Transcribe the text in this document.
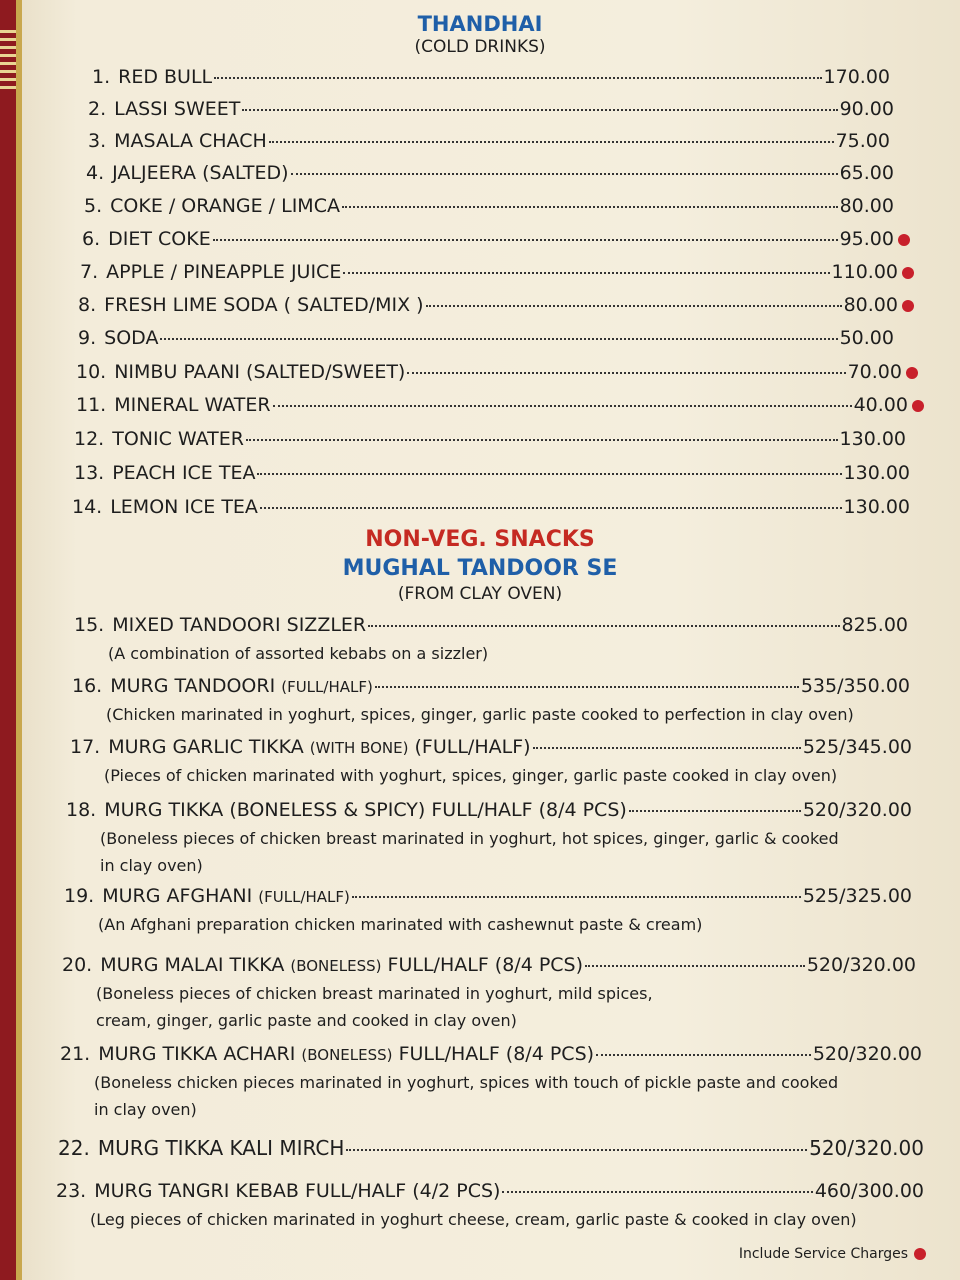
THANDHAI
(COLD DRINKS)
1. RED BULL	170.00
2. LASSI SWEET	90.00
3. MASALA CHACH	75.00
4. JALJEERA (SALTED)	65.00
5. COKE / ORANGE / LIMCA	80.00
6. DIET COKE	95.00
7. APPLE / PINEAPPLE JUICE	110.00
8. FRESH LIME SODA ( SALTED/MIX )	80.00
9. SODA	50.00
10. NIMBU PAANI (SALTED/SWEET)	70.00
11. MINERAL WATER	40.00
12. TONIC WATER	130.00
13. PEACH ICE TEA	130.00
14. LEMON ICE TEA	130.00
NON-VEG. SNACKS
MUGHAL TANDOOR SE
(FROM CLAY OVEN)
15. MIXED TANDOORI SIZZLER	825.00
(A combination of assorted kebabs on a sizzler)
16. MURG TANDOORI (FULL/HALF)	535/350.00
(Chicken marinated in yoghurt, spices, ginger, garlic paste cooked to perfection in clay oven)
17. MURG GARLIC TIKKA (WITH BONE) (FULL/HALF)	525/345.00
(Pieces of chicken marinated with yoghurt, spices, ginger, garlic paste cooked in clay oven)
18. MURG TIKKA (BONELESS & SPICY) FULL/HALF (8/4 PCS)	520/320.00
(Boneless pieces of chicken breast marinated in yoghurt, hot spices, ginger, garlic & cooked
in clay oven)
19. MURG AFGHANI (FULL/HALF)	525/325.00
(An Afghani preparation chicken marinated with cashewnut paste & cream)
20. MURG MALAI TIKKA (BONELESS) FULL/HALF (8/4 PCS)	520/320.00
(Boneless pieces of chicken breast marinated in yoghurt, mild spices,
cream, ginger, garlic paste and cooked in clay oven)
21. MURG TIKKA ACHARI (BONELESS) FULL/HALF (8/4 PCS)	520/320.00
(Boneless chicken pieces marinated in yoghurt, spices with touch of pickle paste and cooked
in clay oven)
22. MURG TIKKA KALI MIRCH	520/320.00
23. MURG TANGRI KEBAB FULL/HALF (4/2 PCS)	460/300.00
(Leg pieces of chicken marinated in yoghurt cheese, cream, garlic paste & cooked in clay oven)
Include Service Charges
